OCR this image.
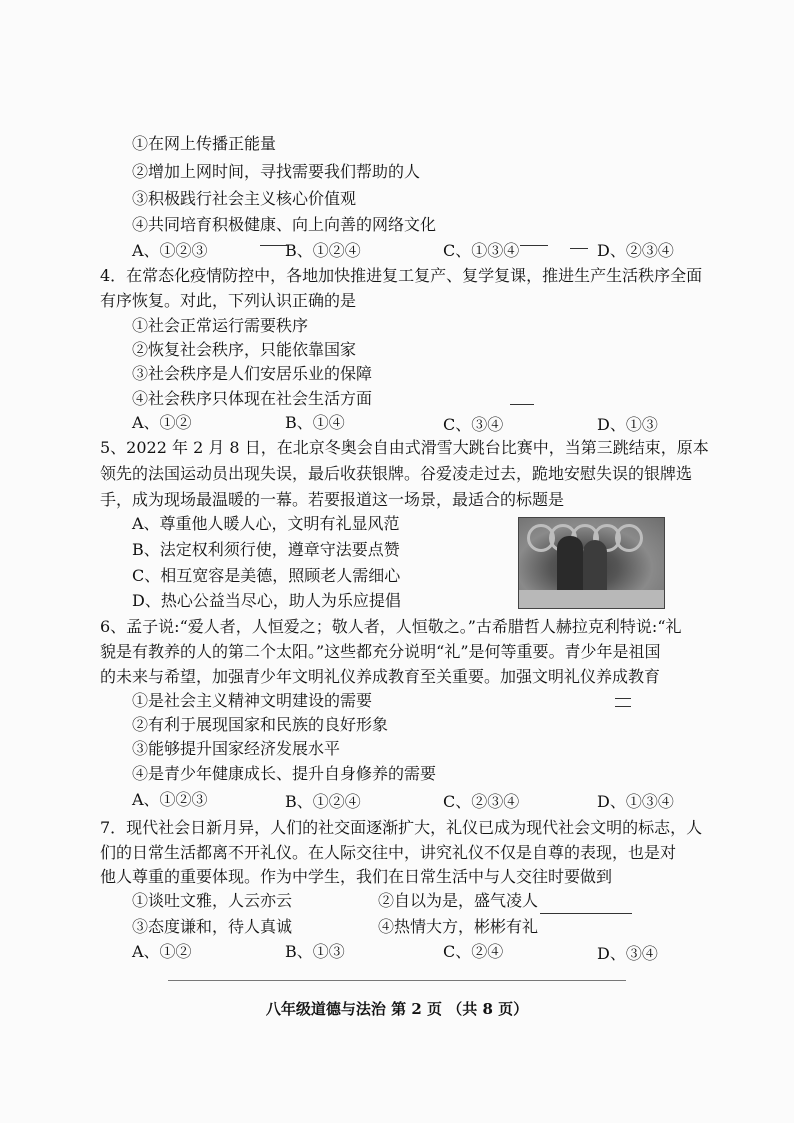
①在网上传播正能量
②增加上网时间，寻找需要我们帮助的人
③积极践行社会主义核心价值观
④共同培育积极健康、向上向善的网络文化
A、①②③	B、①②④	C、①③④	D、②③④
4．在常态化疫情防控中，各地加快推进复工复产、复学复课，推进生产生活秩序全面
有序恢复。对此，下列认识正确的是
①社会正常运行需要秩序
②恢复社会秩序，只能依靠国家
③社会秩序是人们安居乐业的保障
④社会秩序只体现在社会生活方面
A、①②	B、①④	C、③④	D、①③
5、2022 年 2 月 8 日，在北京冬奥会自由式滑雪大跳台比赛中，当第三跳结束，原本
领先的法国运动员出现失误，最后收获银牌。谷爱凌走过去，跪地安慰失误的银牌选
手，成为现场最温暖的一幕。若要报道这一场景，最适合的标题是
A、尊重他人暖人心，文明有礼显风范
B、法定权利须行使，遵章守法要点赞
C、相互宽容是美德，照顾老人需细心
D、热心公益当尽心，助人为乐应提倡
6、孟子说:“爱人者，人恒爱之；敬人者，人恒敬之。”古希腊哲人赫拉克利特说:“礼
貌是有教养的人的第二个太阳。”这些都充分说明“礼”是何等重要。青少年是祖国
的未来与希望，加强青少年文明礼仪养成教育至关重要。加强文明礼仪养成教育
①是社会主义精神文明建设的需要
②有利于展现国家和民族的良好形象
③能够提升国家经济发展水平
④是青少年健康成长、提升自身修养的需要
A、①②③	B、①②④	C、②③④	D、①③④
7．现代社会日新月异，人们的社交面逐渐扩大，礼仪已成为现代社会文明的标志，人
们的日常生活都离不开礼仪。在人际交往中，讲究礼仪不仅是自尊的表现，也是对
他人尊重的重要体现。作为中学生，我们在日常生活中与人交往时要做到
①谈吐文雅，人云亦云	②自以为是，盛气凌人
③态度谦和，待人真诚	④热情大方，彬彬有礼
A、①②	B、①③	C、②④	D、③④
八年级道德与法治 第 2 页 （共 8 页）
